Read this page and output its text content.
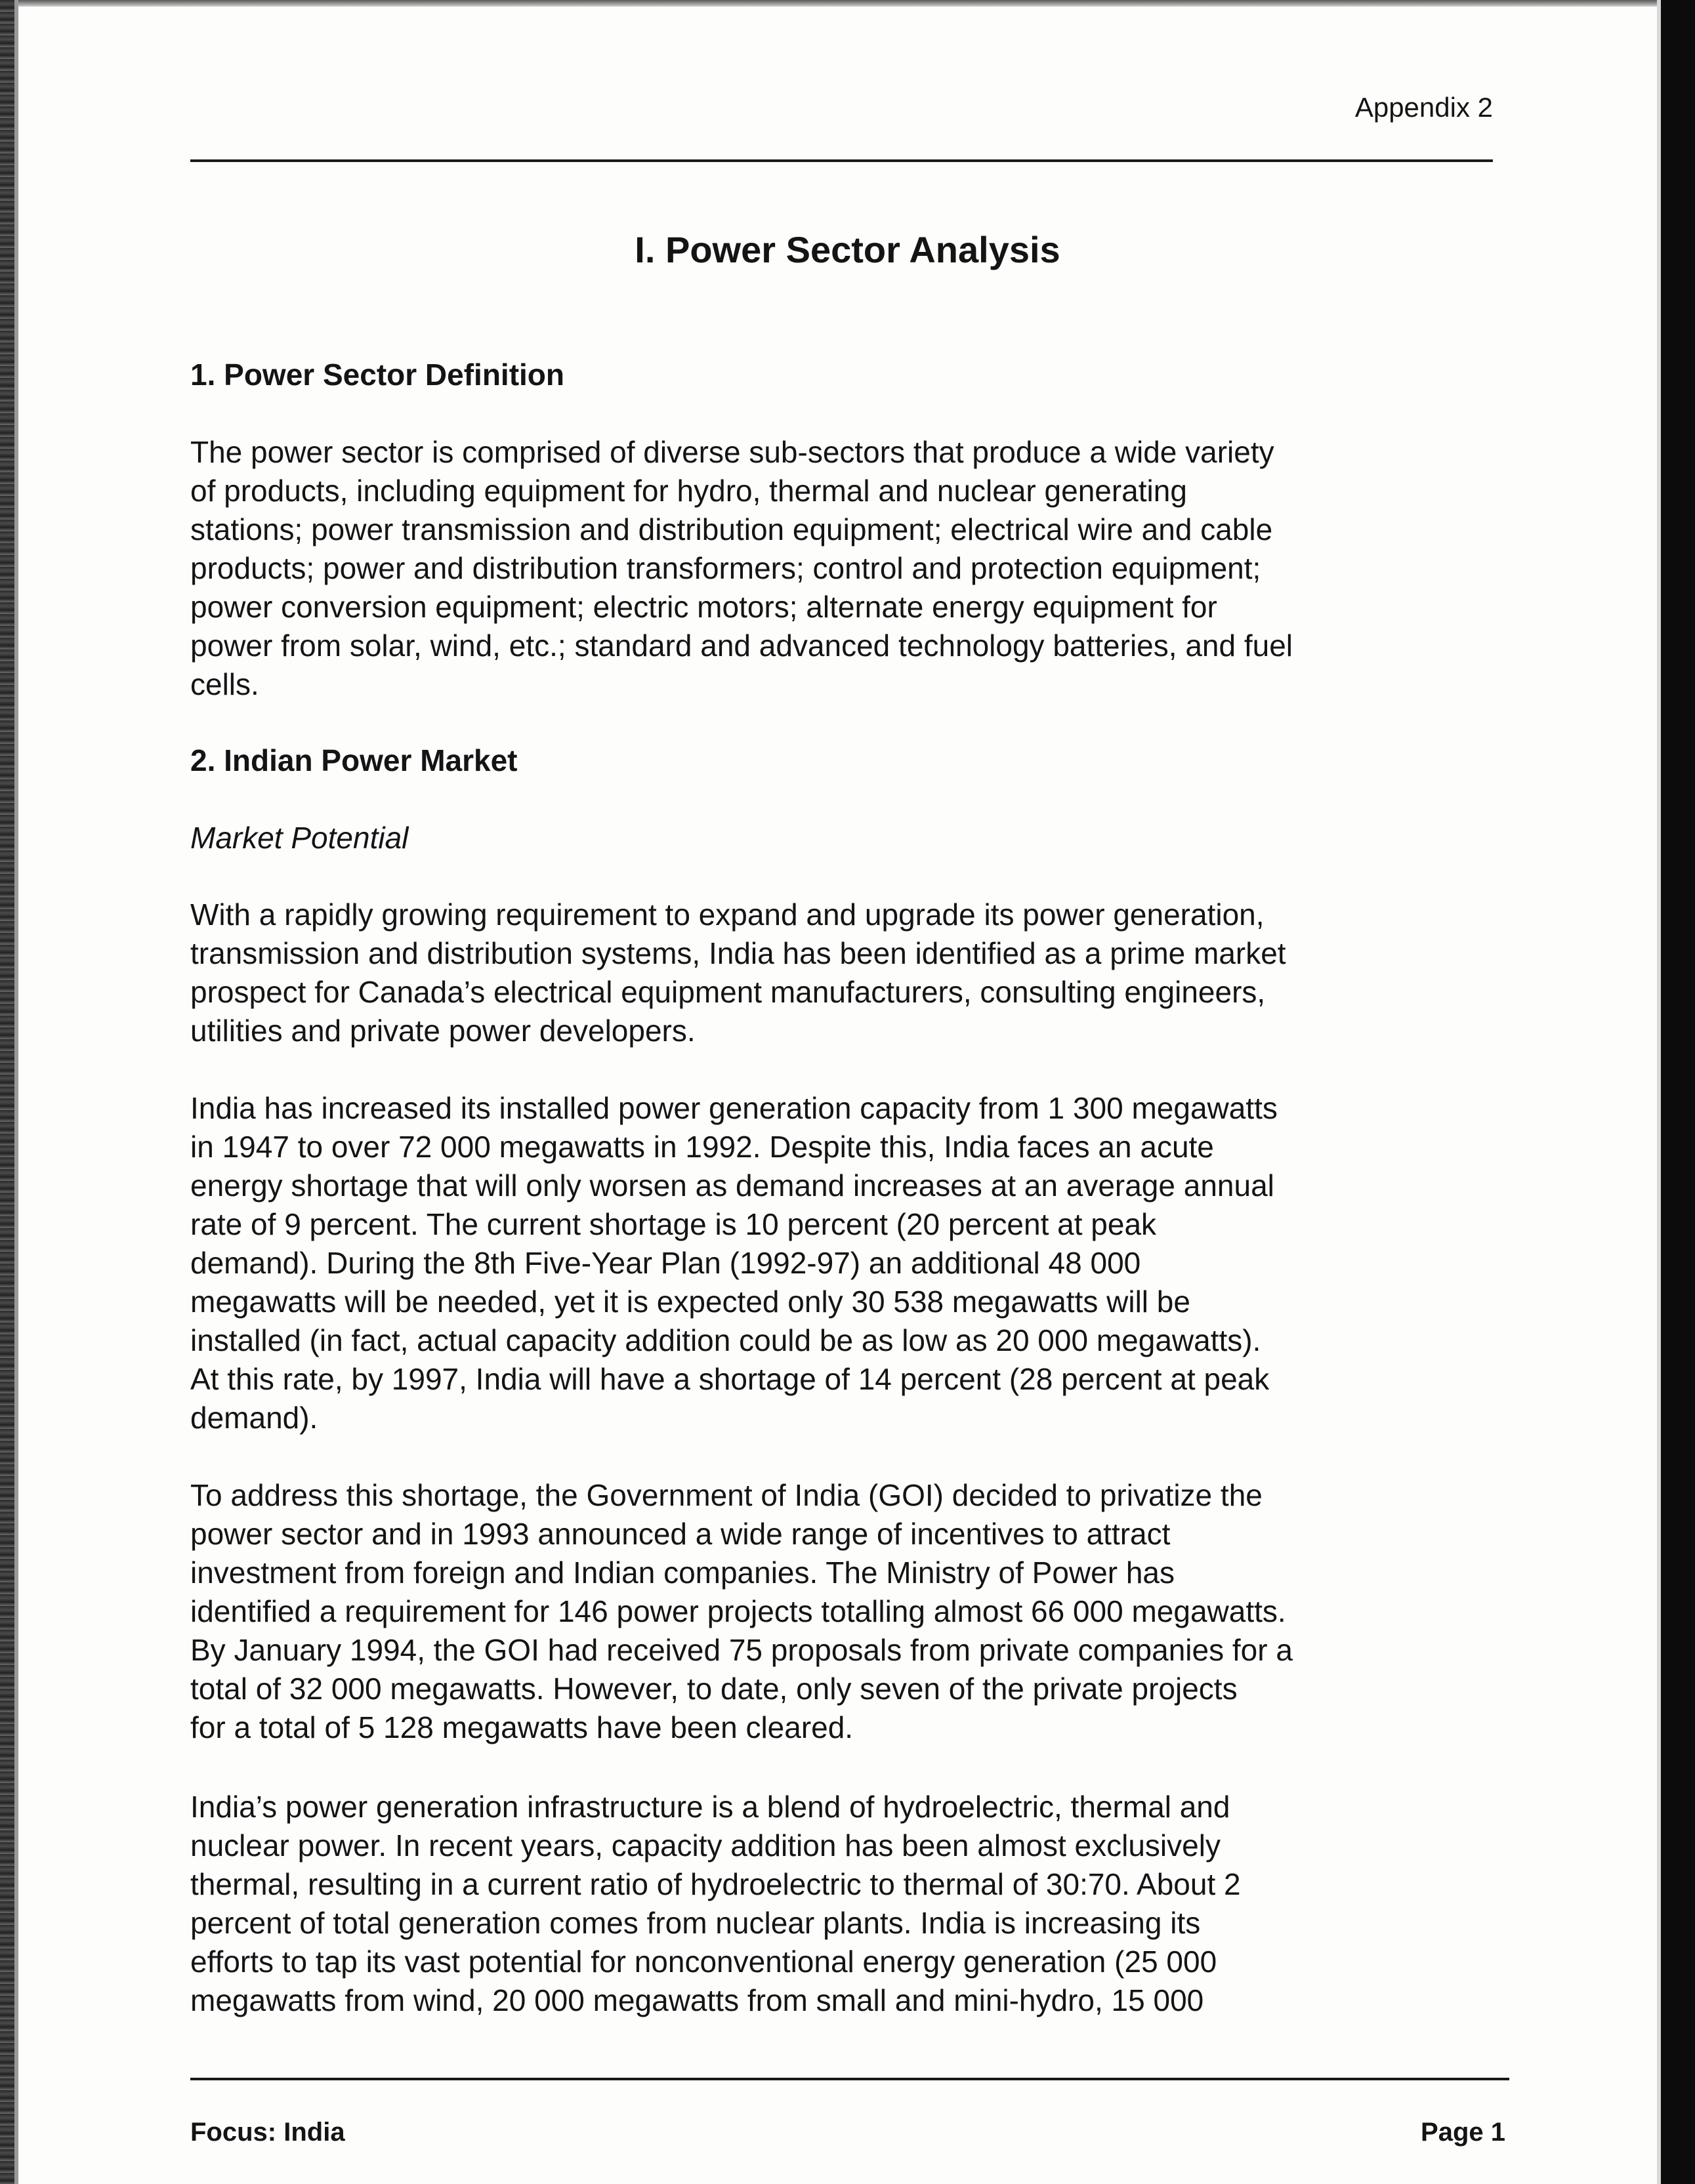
Appendix 2
I. Power Sector Analysis
1. Power Sector Definition
The power sector is comprised of diverse sub-sectors that produce a wide variety
of products, including equipment for hydro, thermal and nuclear generating
stations; power transmission and distribution equipment; electrical wire and cable
products; power and distribution transformers; control and protection equipment;
power conversion equipment; electric motors; alternate energy equipment for
power from solar, wind, etc.; standard and advanced technology batteries, and fuel
cells.
2. Indian Power Market
Market Potential
With a rapidly growing requirement to expand and upgrade its power generation,
transmission and distribution systems, India has been identified as a prime market
prospect for Canada’s electrical equipment manufacturers, consulting engineers,
utilities and private power developers.
India has increased its installed power generation capacity from 1 300 megawatts
in 1947 to over 72 000 megawatts in 1992. Despite this, India faces an acute
energy shortage that will only worsen as demand increases at an average annual
rate of 9 percent. The current shortage is 10 percent (20 percent at peak
demand). During the 8th Five-Year Plan (1992-97) an additional 48 000
megawatts will be needed, yet it is expected only 30 538 megawatts will be
installed (in fact, actual capacity addition could be as low as 20 000 megawatts).
At this rate, by 1997, India will have a shortage of 14 percent (28 percent at peak
demand).
To address this shortage, the Government of India (GOI) decided to privatize the
power sector and in 1993 announced a wide range of incentives to attract
investment from foreign and Indian companies. The Ministry of Power has
identified a requirement for 146 power projects totalling almost 66 000 megawatts.
By January 1994, the GOI had received 75 proposals from private companies for a
total of 32 000 megawatts. However, to date, only seven of the private projects
for a total of 5 128 megawatts have been cleared.
India’s power generation infrastructure is a blend of hydroelectric, thermal and
nuclear power. In recent years, capacity addition has been almost exclusively
thermal, resulting in a current ratio of hydroelectric to thermal of 30:70. About 2
percent of total generation comes from nuclear plants. India is increasing its
efforts to tap its vast potential for nonconventional energy generation (25 000
megawatts from wind, 20 000 megawatts from small and mini-hydro, 15 000
Focus: India	Page 1
